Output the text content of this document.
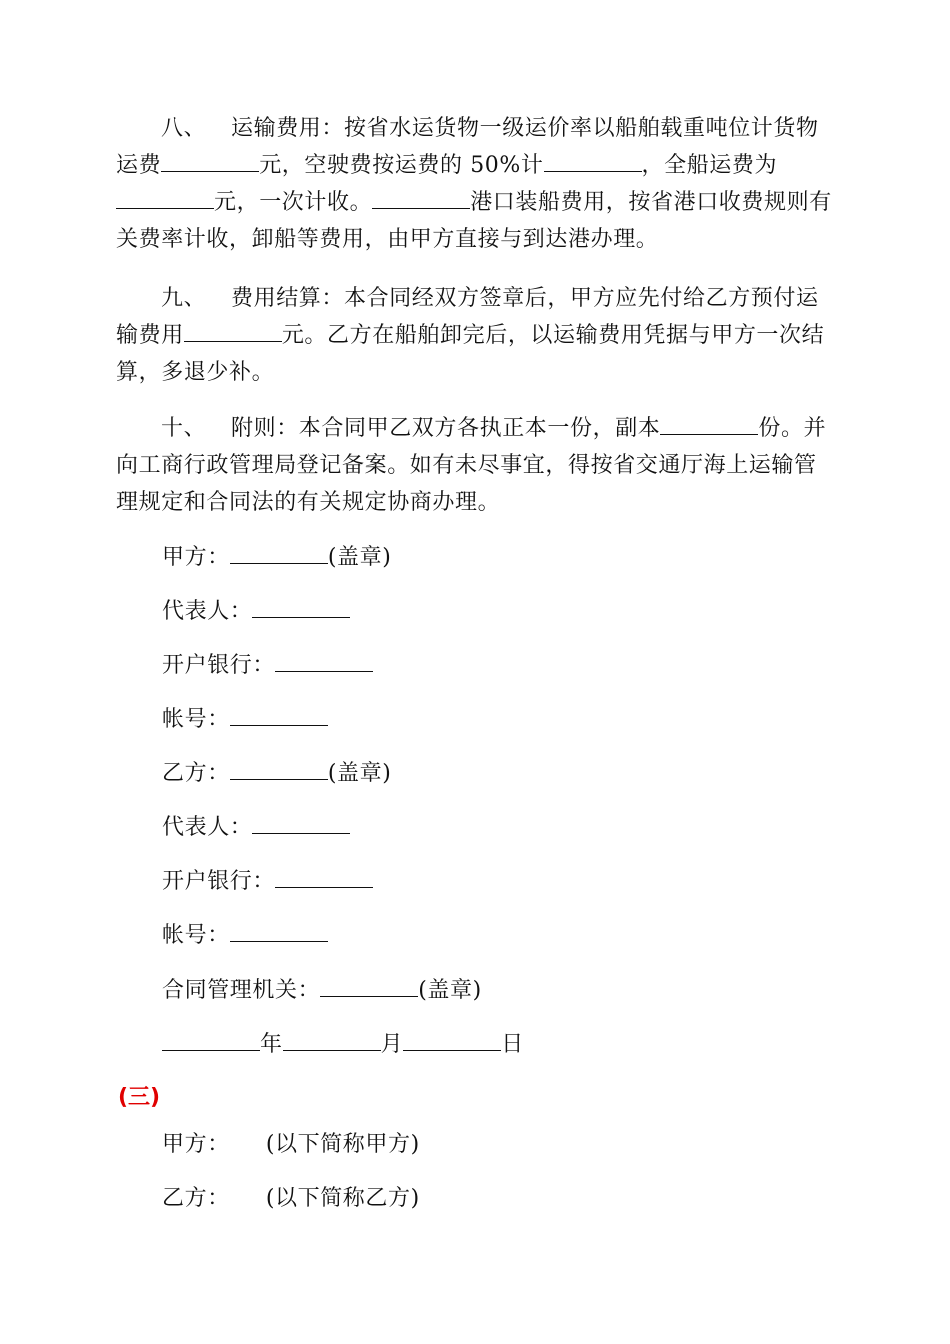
八、 运输费用：按省水运货物一级运价率以船舶载重吨位计货物运费	元，空驶费按运费的 50%计	，全船运费为元，一次计收。	港口装船费用，按省港口收费规则有关费率计收，卸船等费用，由甲方直接与到达港办理。

九、 费用结算：本合同经双方签章后，甲方应先付给乙方预付运输费用	元。乙方在船舶卸完后，以运输费用凭据与甲方一次结算，多退少补。

十、 附则：本合同甲乙双方各执正本一份，副本	份。并向工商行政管理局登记备案。如有未尽事宜，得按省交通厅海上运输管理规定和合同法的有关规定协商办理。

甲方：	(盖章)
代表人：
开户银行：
帐号：
乙方：	(盖章)
代表人：
开户银行：
帐号：
合同管理机关：	(盖章)
年	月	日
(三)
甲方： (以下简称甲方)
乙方： (以下简称乙方)
